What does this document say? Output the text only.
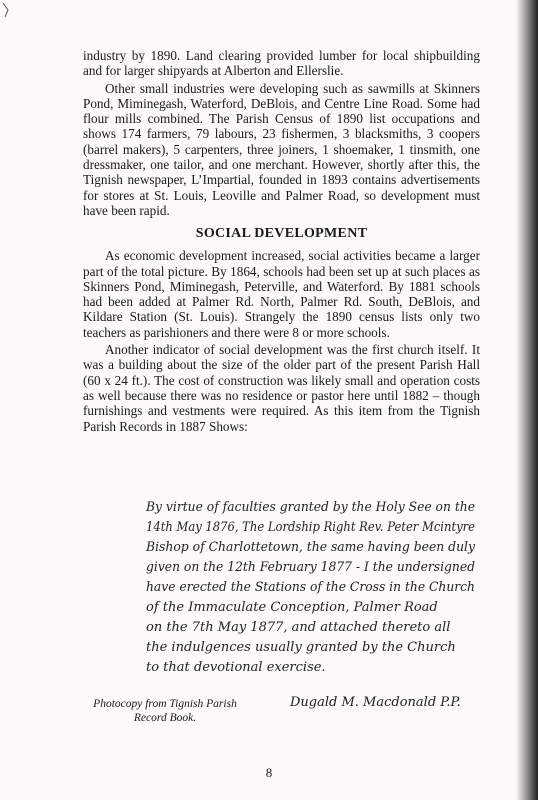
industry by 1890. Land clearing provided lumber for local shipbuilding and for larger shipyards at Alberton and Ellerslie.

Other small industries were developing such as sawmills at Skinners Pond, Miminegash, Waterford, DeBlois, and Centre Line Road. Some had flour mills combined. The Parish Census of 1890 list occupations and shows 174 farmers, 79 labours, 23 fishermen, 3 blacksmiths, 3 coopers (barrel makers), 5 carpenters, three joiners, 1 shoemaker, 1 tinsmith, one dressmaker, one tailor, and one merchant. However, shortly after this, the Tignish newspaper, L’Impartial, founded in 1893 contains advertisements for stores at St. Louis, Leoville and Palmer Road, so development must have been rapid.

SOCIAL DEVELOPMENT

As economic development increased, social activities became a larger part of the total picture. By 1864, schools had been set up at such places as Skinners Pond, Miminegash, Peterville, and Waterford. By 1881 schools had been added at Palmer Rd. North, Palmer Rd. South, DeBlois, and Kildare Station (St. Louis). Strangely the 1890 census lists only two teachers as parishioners and there were 8 or more schools.

Another indicator of social development was the first church itself. It was a building about the size of the older part of the present Parish Hall (60 x 24 ft.). The cost of construction was likely small and operation costs as well because there was no residence or pastor here until 1882 – though furnishings and vestments were required. As this item from the Tignish Parish Records in 1887 Shows:

By virtue of faculties granted by the Holy See on the
14th May 1876, The Lordship Right Rev. Peter Mcintyre
Bishop of Charlottetown, the same having been duly
given on the 12th February 1877 - I the undersigned
have erected the Stations of the Cross in the Church
of the Immaculate Conception, Palmer Road
on the 7th May 1877, and attached thereto all
the indulgences usually granted by the Church
to that devotional exercise.
Dugald M. Macdonald P.P.
Photocopy from Tignish Parish Record Book.
8
